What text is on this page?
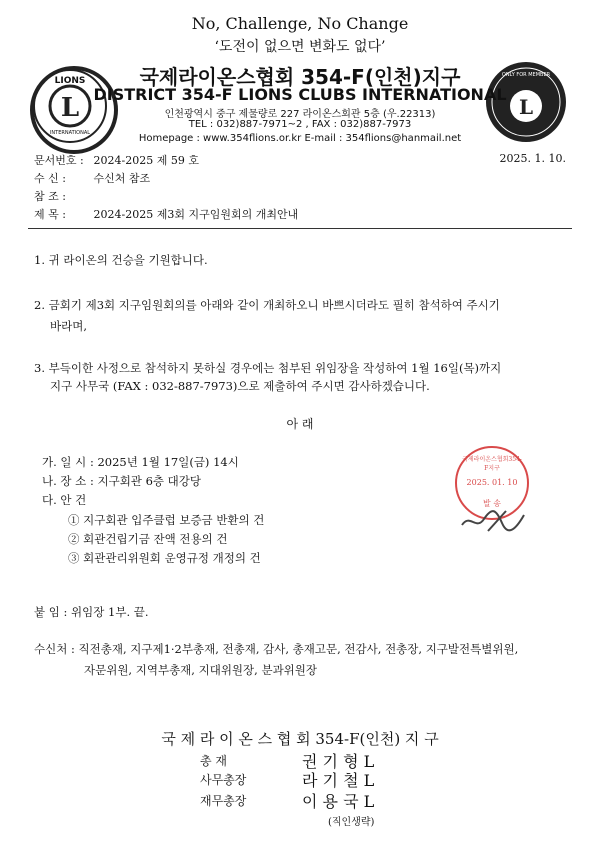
No, Challenge, No Change
‘도전이 없으면 변화도 없다’
L
LIONS
INTERNATIONAL
L
ONLY FOR MEMBER
국제라이온스협회 354-F(인천)지구
DISTRICT 354-F LIONS CLUBS INTERNATIONAL
인천광역시 중구 제물량로 227 라이온스회관 5층 (우.22313)
TEL : 032)887-7971~2 , FAX : 032)887-7973
Homepage : www.354flions.or.kr E-mail : 354flions@hanmail.net
문서번호 : 2024-2025 제 59 호	2025. 1. 10.
수 신 :	수신처 참조
참 조 :
제 목 :	2024-2025 제3회 지구임원회의 개최안내
1. 귀 라이온의 건승을 기원합니다.
2. 금회기 제3회 지구임원회의를 아래와 같이 개최하오니 바쁘시더라도 필히 참석하여 주시기
바라며,
3. 부득이한 사정으로 참석하지 못하실 경우에는 첨부된 위임장을 작성하여 1월 16일(목)까지
지구 사무국 (FAX : 032-887-7973)으로 제출하여 주시면 감사하겠습니다.
아 래
가. 일 시 : 2025년 1월 17일(금) 14시
나. 장 소 : 지구회관 6층 대강당
다. 안 건
① 지구회관 입주클럽 보증금 반환의 건
② 회관건립기금 잔액 전용의 건
③ 회관관리위원회 운영규정 개정의 건
국제라이온스협회354-F지구
2025. 01. 10
발 송
붙 임 : 위임장 1부. 끝.
수신처 : 직전총재, 지구제1·2부총재, 전총재, 감사, 총재고문, 전감사, 전총장, 지구발전특별위원,
자문위원, 지역부총재, 지대위원장, 분과위원장
국 제 라 이 온 스 협 회 354-F(인천) 지 구
총 재	권 기 형 L
사무총장	라 기 철 L
재무총장	이 용 국 L
(직인생략)
